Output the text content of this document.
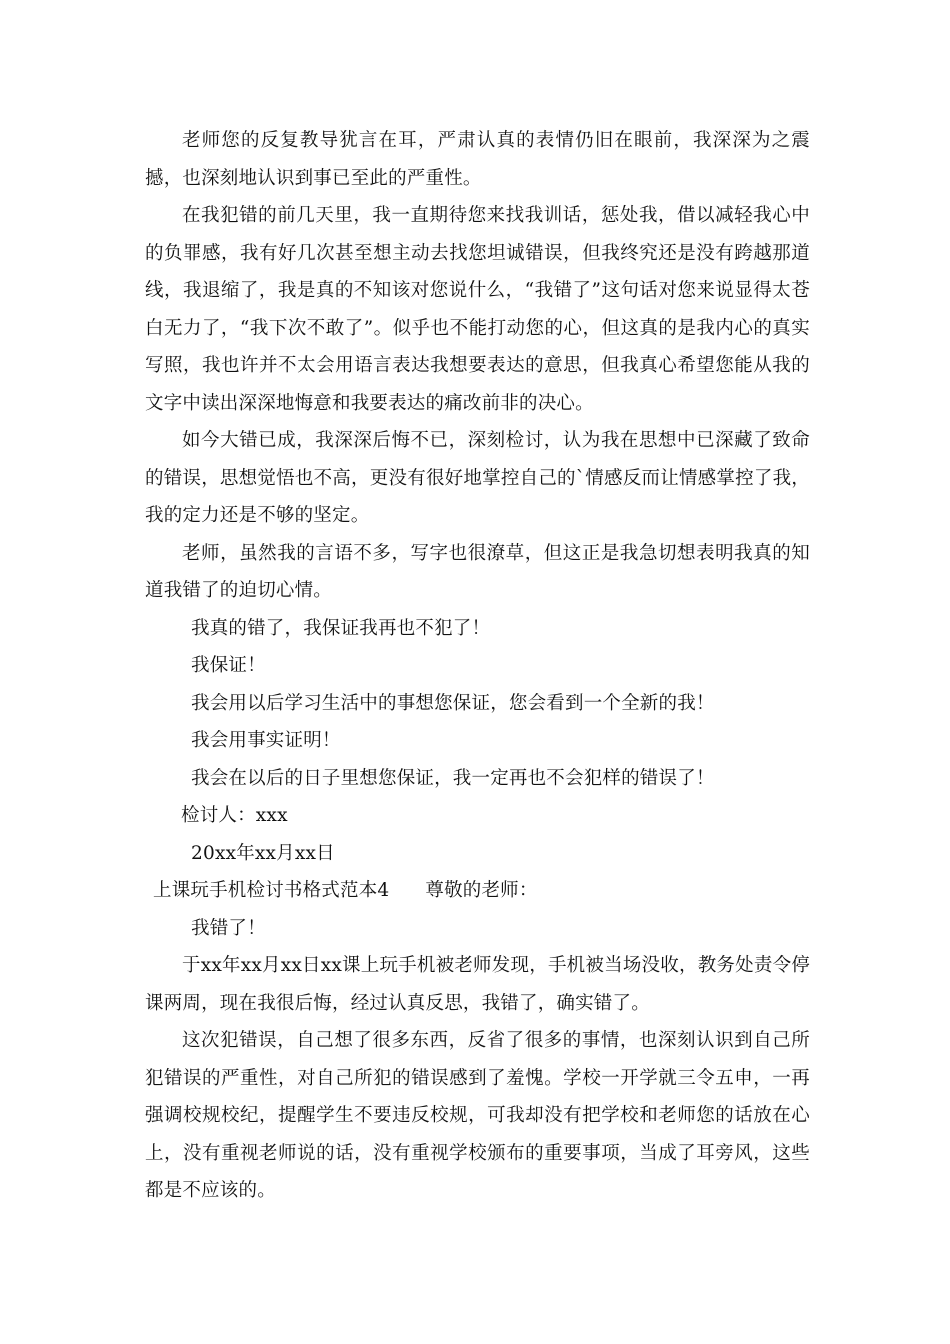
老师您的反复教导犹言在耳，严肃认真的表情仍旧在眼前，我深深为之震撼，也深刻地认识到事已至此的严重性。

在我犯错的前几天里，我一直期待您来找我训话，惩处我，借以减轻我心中的负罪感，我有好几次甚至想主动去找您坦诚错误，但我终究还是没有跨越那道线，我退缩了，我是真的不知该对您说什么，“我错了”这句话对您来说显得太苍白无力了，“我下次不敢了”。似乎也不能打动您的心，但这真的是我内心的真实写照，我也许并不太会用语言表达我想要表达的意思，但我真心希望您能从我的文字中读出深深地悔意和我要表达的痛改前非的决心。

如今大错已成，我深深后悔不已，深刻检讨，认为我在思想中已深藏了致命的错误，思想觉悟也不高，更没有很好地掌控自己的`情感反而让情感掌控了我，我的定力还是不够的坚定。

老师，虽然我的言语不多，写字也很潦草，但这正是我急切想表明我真的知道我错了的迫切心情。

我真的错了，我保证我再也不犯了！

我保证！

我会用以后学习生活中的事想您保证，您会看到一个全新的我！

我会用事实证明！

我会在以后的日子里想您保证，我一定再也不会犯样的错误了！

检讨人：xxx

20xx年xx月xx日

上课玩手机检讨书格式范本4 尊敬的老师：

我错了！

于xx年xx月xx日xx课上玩手机被老师发现，手机被当场没收，教务处责令停课两周，现在我很后悔，经过认真反思，我错了，确实错了。

这次犯错误，自己想了很多东西，反省了很多的事情，也深刻认识到自己所犯错误的严重性，对自己所犯的错误感到了羞愧。学校一开学就三令五申，一再强调校规校纪，提醒学生不要违反校规，可我却没有把学校和老师您的话放在心上，没有重视老师说的话，没有重视学校颁布的重要事项，当成了耳旁风，这些都是不应该的。
